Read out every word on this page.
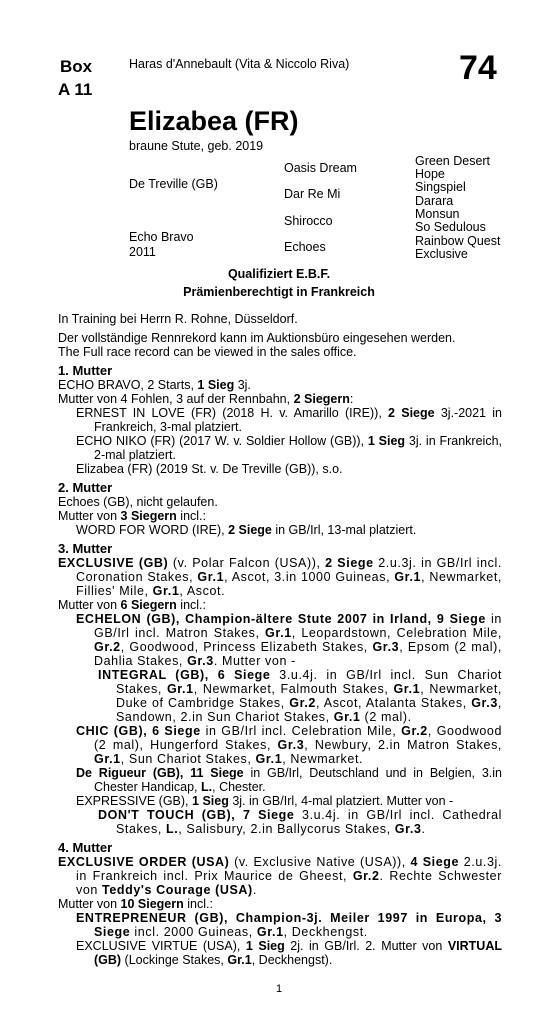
Box
A 11
Haras d'Annebault (Vita & Niccolo Riva)	74
Elizabea (FR)
braune Stute, geb. 2019
De Treville (GB)
Echo Bravo
2011
Oasis Dream
Dar Re Mi
Shirocco
Echoes
Green Desert
Hope
Singspiel
Darara
Monsun
So Sedulous
Rainbow Quest
Exclusive
Qualifiziert E.B.F.
Prämienberechtigt in Frankreich

In Training bei Herrn R. Rohne, Düsseldorf.

Der vollständige Rennrekord kann im Auktionsbüro eingesehen werden.

The Full race record can be viewed in the sales office.

1. Mutter

ECHO BRAVO, 2 Starts, 1 Sieg 3j.

Mutter von 4 Fohlen, 3 auf der Rennbahn, 2 Siegern:

ERNEST IN LOVE (FR) (2018 H. v. Amarillo (IRE)), 2 Siege 3j.-2021 in Frankreich, 3-mal platziert.

ECHO NIKO (FR) (2017 W. v. Soldier Hollow (GB)), 1 Sieg 3j. in Frankreich, 2-mal platziert.

Elizabea (FR) (2019 St. v. De Treville (GB)), s.o.

2. Mutter

Echoes (GB), nicht gelaufen.

Mutter von 3 Siegern incl.:

WORD FOR WORD (IRE), 2 Siege in GB/Irl, 13-mal platziert.

3. Mutter

EXCLUSIVE (GB) (v. Polar Falcon (USA)), 2 Siege 2.u.3j. in GB/Irl incl. Coronation Stakes, Gr.1, Ascot, 3.in 1000 Guineas, Gr.1, Newmarket, Fillies' Mile, Gr.1, Ascot.

Mutter von 6 Siegern incl.:

ECHELON (GB), Champion-ältere Stute 2007 in Irland, 9 Siege in GB/Irl incl. Matron Stakes, Gr.1, Leopardstown, Celebration Mile, Gr.2, Goodwood, Princess Elizabeth Stakes, Gr.3, Epsom (2 mal), Dahlia Stakes, Gr.3. Mutter von -

INTEGRAL (GB), 6 Siege 3.u.4j. in GB/Irl incl. Sun Chariot Stakes, Gr.1, Newmarket, Falmouth Stakes, Gr.1, Newmarket, Duke of Cambridge Stakes, Gr.2, Ascot, Atalanta Stakes, Gr.3, Sandown, 2.in Sun Chariot Stakes, Gr.1 (2 mal).

CHIC (GB), 6 Siege in GB/Irl incl. Celebration Mile, Gr.2, Goodwood (2 mal), Hungerford Stakes, Gr.3, Newbury, 2.in Matron Stakes, Gr.1, Sun Chariot Stakes, Gr.1, Newmarket.

De Rigueur (GB), 11 Siege in GB/Irl, Deutschland und in Belgien, 3.in Chester Handicap, L., Chester.

EXPRESSIVE (GB), 1 Sieg 3j. in GB/Irl, 4-mal platziert. Mutter von -

DON'T TOUCH (GB), 7 Siege 3.u.4j. in GB/Irl incl. Cathedral Stakes, L., Salisbury, 2.in Ballycorus Stakes, Gr.3.

4. Mutter

EXCLUSIVE ORDER (USA) (v. Exclusive Native (USA)), 4 Siege 2.u.3j. in Frankreich incl. Prix Maurice de Gheest, Gr.2. Rechte Schwester von Teddy's Courage (USA).

Mutter von 10 Siegern incl.:

ENTREPRENEUR (GB), Champion-3j. Meiler 1997 in Europa, 3 Siege incl. 2000 Guineas, Gr.1, Deckhengst.

EXCLUSIVE VIRTUE (USA), 1 Sieg 2j. in GB/Irl. 2. Mutter von VIRTUAL (GB) (Lockinge Stakes, Gr.1, Deckhengst).

1
